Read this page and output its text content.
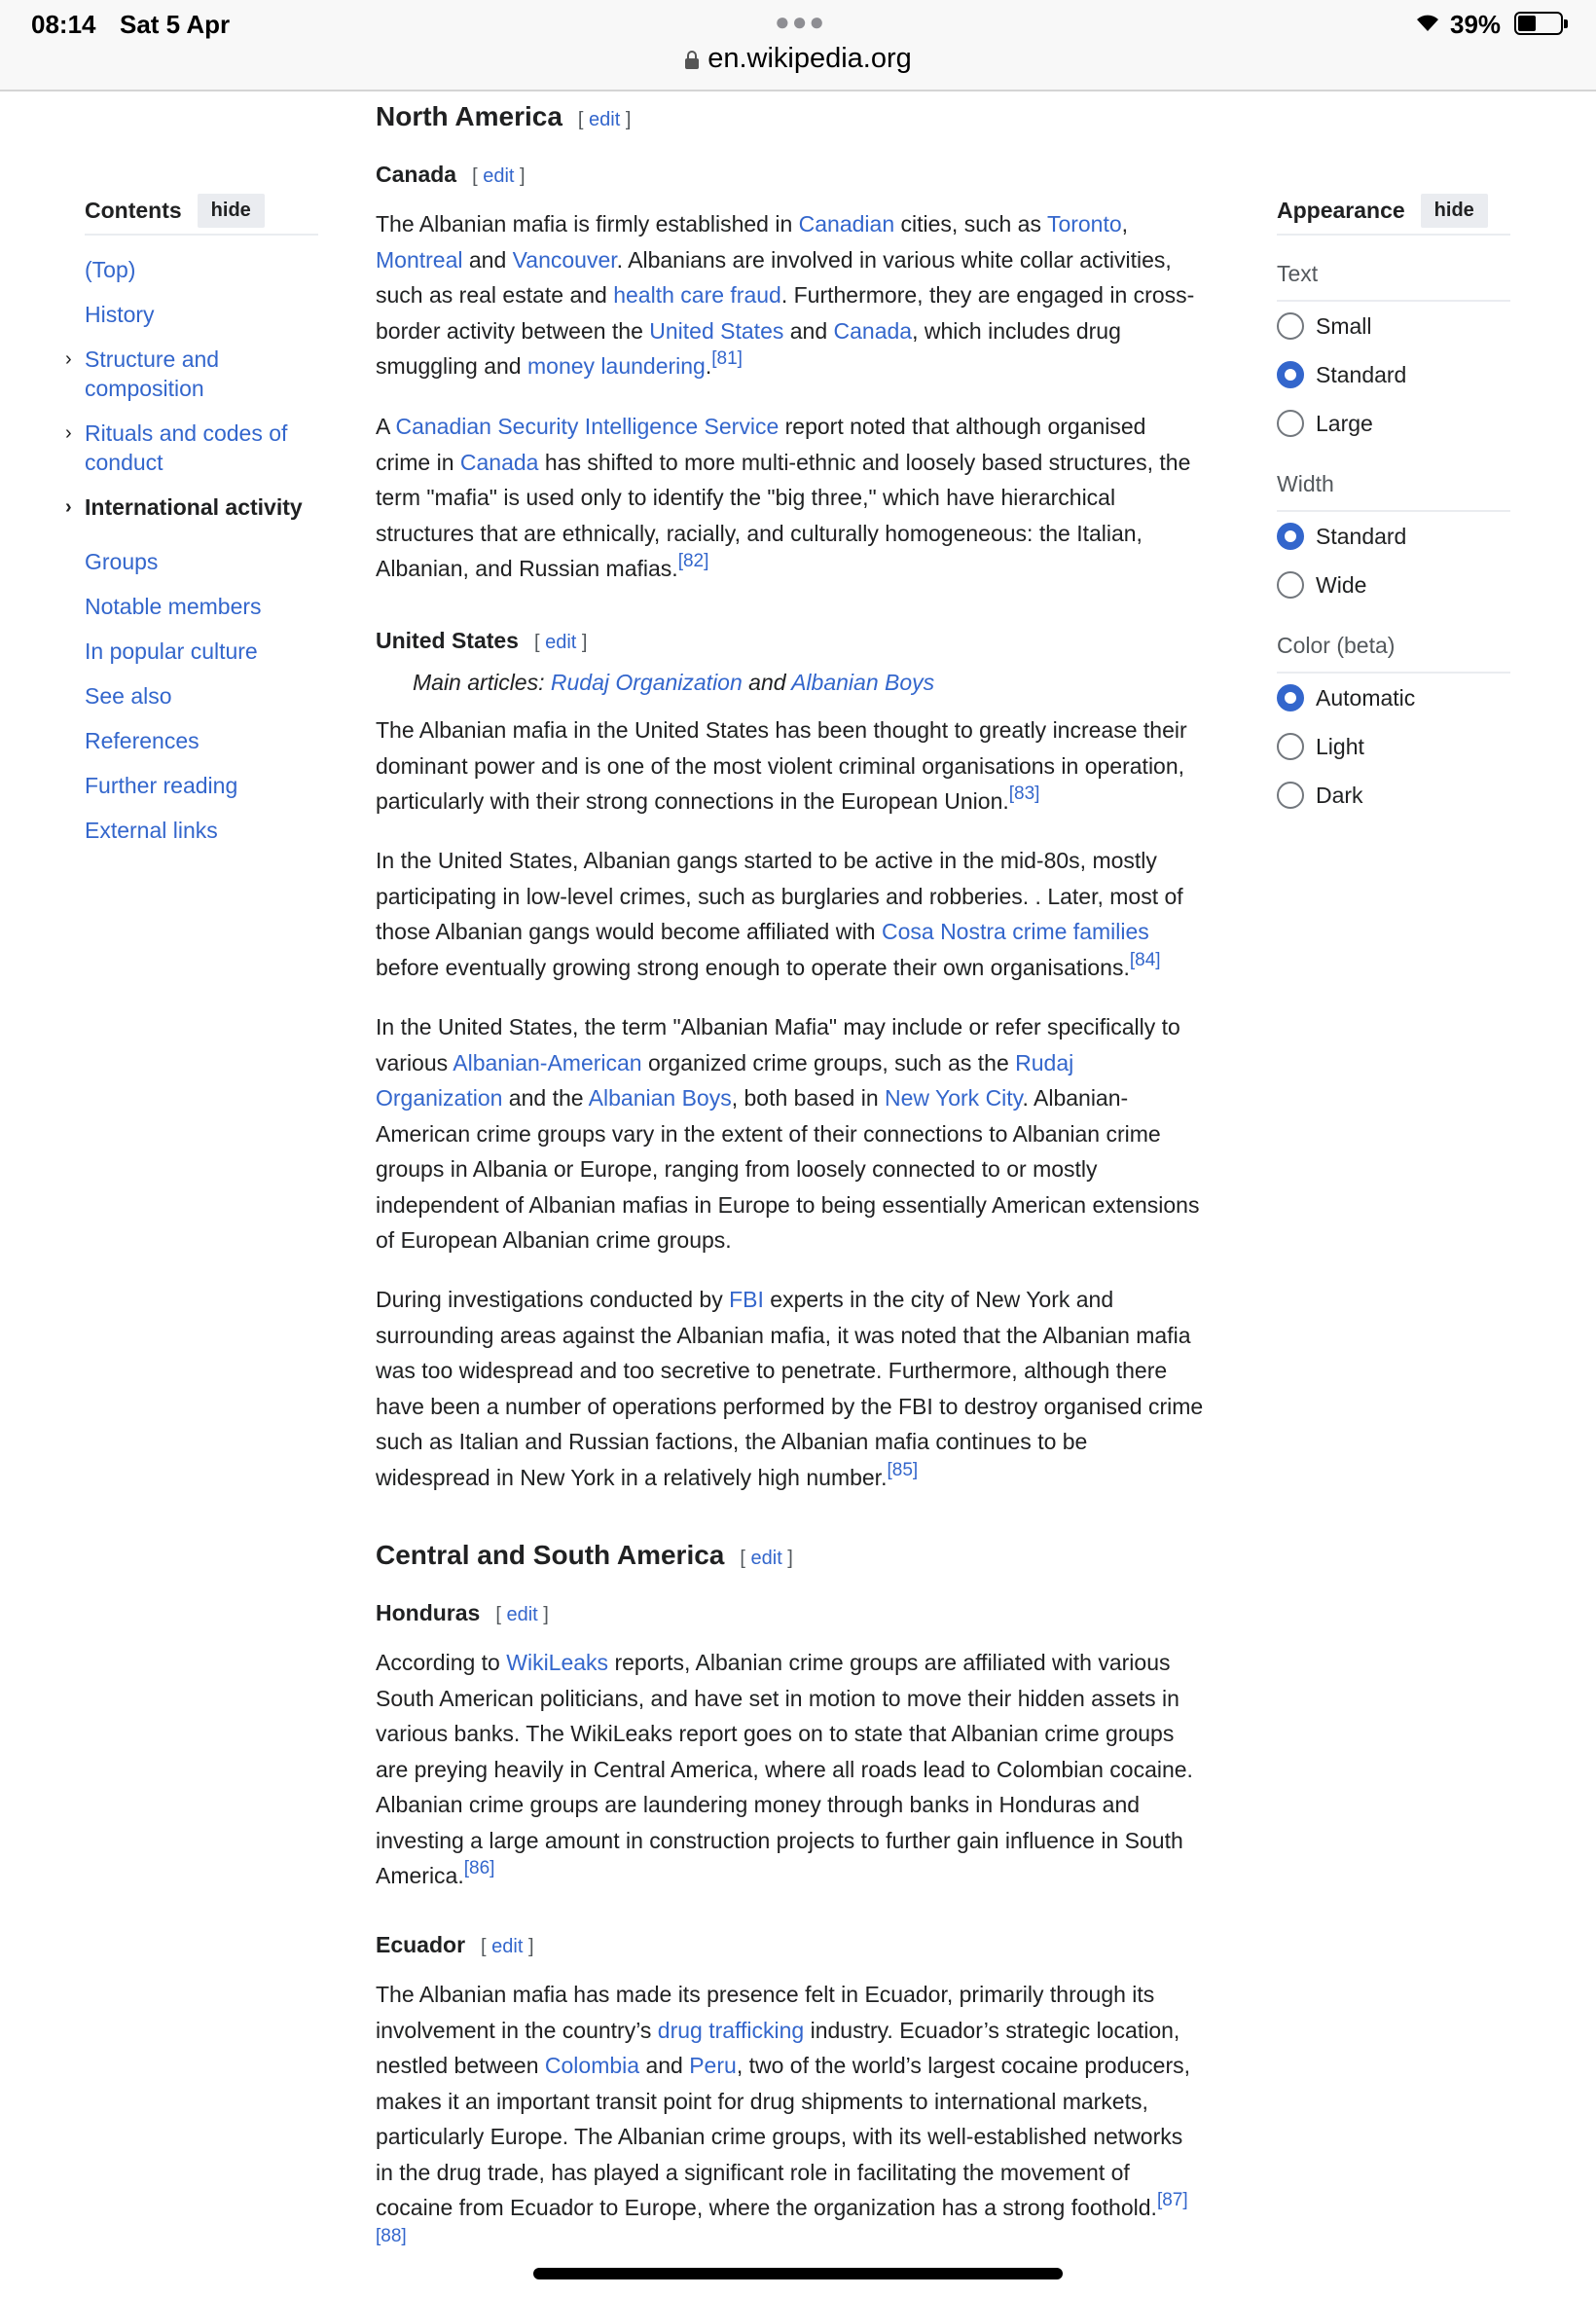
08:14 Sat 5 Apr	●●●
en.wikipedia.org
39%
Contents	hide
(Top)
History
› Structure and composition
› Rituals and codes of conduct
› International activity
Groups
Notable members
In popular culture
See also
References
Further reading
External links
Appearance	hide
Text
Small
Standard
Large
Width
Standard
Wide
Color (beta)
Automatic
Light
Dark
North America [ edit ]
Canada [ edit ]
The Albanian mafia is firmly established in Canadian cities, such as Toronto,
Montreal and Vancouver. Albanians are involved in various white collar activities,
such as real estate and health care fraud. Furthermore, they are engaged in cross-
border activity between the United States and Canada, which includes drug
smuggling and money laundering.[81]
A Canadian Security Intelligence Service report noted that although organised
crime in Canada has shifted to more multi-ethnic and loosely based structures, the
term "mafia" is used only to identify the "big three," which have hierarchical
structures that are ethnically, racially, and culturally homogeneous: the Italian,
Albanian, and Russian mafias.[82]
United States [ edit ]
Main articles: Rudaj Organization and Albanian Boys
The Albanian mafia in the United States has been thought to greatly increase their
dominant power and is one of the most violent criminal organisations in operation,
particularly with their strong connections in the European Union.[83]
In the United States, Albanian gangs started to be active in the mid-80s, mostly
participating in low-level crimes, such as burglaries and robberies. . Later, most of
those Albanian gangs would become affiliated with Cosa Nostra crime families
before eventually growing strong enough to operate their own organisations.[84]
In the United States, the term "Albanian Mafia" may include or refer specifically to
various Albanian-American organized crime groups, such as the Rudaj
Organization and the Albanian Boys, both based in New York City. Albanian-
American crime groups vary in the extent of their connections to Albanian crime
groups in Albania or Europe, ranging from loosely connected to or mostly
independent of Albanian mafias in Europe to being essentially American extensions
of European Albanian crime groups.
During investigations conducted by FBI experts in the city of New York and
surrounding areas against the Albanian mafia, it was noted that the Albanian mafia
was too widespread and too secretive to penetrate. Furthermore, although there
have been a number of operations performed by the FBI to destroy organised crime
such as Italian and Russian factions, the Albanian mafia continues to be
widespread in New York in a relatively high number.[85]
Central and South America [ edit ]
Honduras [ edit ]
According to WikiLeaks reports, Albanian crime groups are affiliated with various
South American politicians, and have set in motion to move their hidden assets in
various banks. The WikiLeaks report goes on to state that Albanian crime groups
are preying heavily in Central America, where all roads lead to Colombian cocaine.
Albanian crime groups are laundering money through banks in Honduras and
investing a large amount in construction projects to further gain influence in South
America.[86]
Ecuador [ edit ]
The Albanian mafia has made its presence felt in Ecuador, primarily through its
involvement in the country’s drug trafficking industry. Ecuador’s strategic location,
nestled between Colombia and Peru, two of the world’s largest cocaine producers,
makes it an important transit point for drug shipments to international markets,
particularly Europe. The Albanian crime groups, with its well-established networks
in the drug trade, has played a significant role in facilitating the movement of
cocaine from Ecuador to Europe, where the organization has a strong foothold.[87]
[88]
